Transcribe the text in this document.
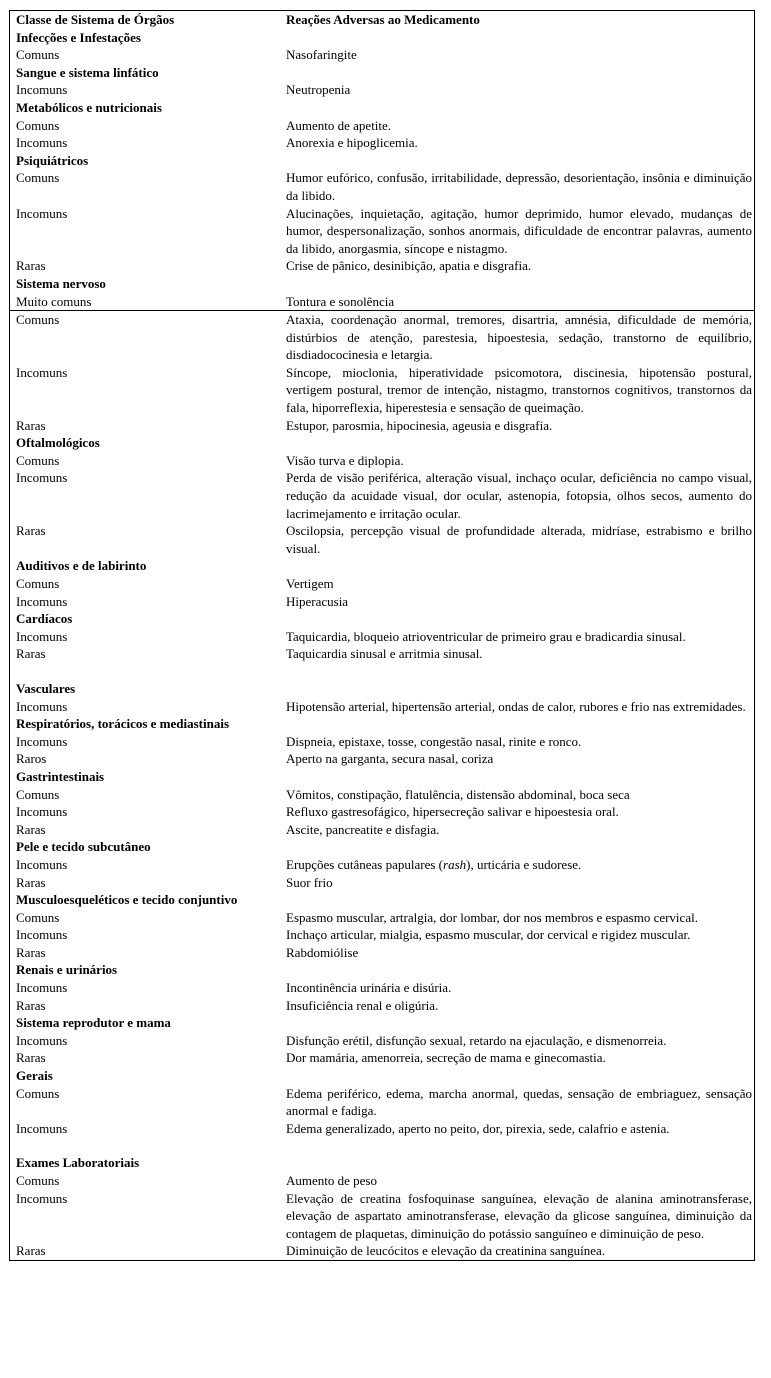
Classe de Sistema de Órgãos	Reações Adversas ao Medicamento
Infecções e Infestações
Comuns	Nasofaringite
Sangue e sistema linfático
Incomuns	Neutropenia
Metabólicos e nutricionais
Comuns	Aumento de apetite.
Incomuns	Anorexia e hipoglicemia.
Psiquiátricos
Comuns	Humor eufórico, confusão, irritabilidade, depressão, desorientação, insônia e diminuição da libido.
Incomuns	Alucinações, inquietação, agitação, humor deprimido, humor elevado, mudanças de humor, despersonalização, sonhos anormais, dificuldade de encontrar palavras, aumento da libido, anorgasmia, síncope e nistagmo.
Raras	Crise de pânico, desinibição, apatia e disgrafia.
Sistema nervoso
Muito comuns	Tontura e sonolência
Comuns	Ataxia, coordenação anormal, tremores, disartria, amnésia, dificuldade de memória, distúrbios de atenção, parestesia, hipoestesia, sedação, transtorno de equilíbrio, disdiadococinesia e letargia.
Incomuns	Síncope, mioclonia, hiperatividade psicomotora, discinesia, hipotensão postural, vertigem postural, tremor de intenção, nistagmo, transtornos cognitivos, transtornos da fala, hiporreflexia, hiperestesia e sensação de queimação.
Raras	Estupor, parosmia, hipocinesia, ageusia e disgrafia.
Oftalmológicos
Comuns	Visão turva e diplopia.
Incomuns	Perda de visão periférica, alteração visual, inchaço ocular, deficiência no campo visual, redução da acuidade visual, dor ocular, astenopia, fotopsia, olhos secos, aumento do lacrimejamento e irritação ocular.
Raras	Oscilopsia, percepção visual de profundidade alterada, midríase, estrabismo e brilho visual.
Auditivos e de labirinto
Comuns	Vertigem
Incomuns	Hiperacusia
Cardíacos
Incomuns	Taquicardia, bloqueio atrioventricular de primeiro grau e bradicardia sinusal.
Raras	Taquicardia sinusal e arritmia sinusal.
Vasculares
Incomuns	Hipotensão arterial, hipertensão arterial, ondas de calor, rubores e frio nas extremidades.
Respiratórios, torácicos e mediastinais
Incomuns	Dispneia, epistaxe, tosse, congestão nasal, rinite e ronco.
Raros	Aperto na garganta, secura nasal, coriza
Gastrintestinais
Comuns	Vômitos, constipação, flatulência, distensão abdominal, boca seca
Incomuns	Refluxo gastresofágico, hipersecreção salivar e hipoestesia oral.
Raras	Ascite, pancreatite e disfagia.
Pele e tecido subcutâneo
Incomuns	Erupções cutâneas papulares (rash), urticária e sudorese.
Raras	Suor frio
Musculoesqueléticos e tecido conjuntivo
Comuns	Espasmo muscular, artralgia, dor lombar, dor nos membros e espasmo cervical.
Incomuns	Inchaço articular, mialgia, espasmo muscular, dor cervical e rigidez muscular.
Raras	Rabdomiólise
Renais e urinários
Incomuns	Incontinência urinária e disúria.
Raras	Insuficiência renal e oligúria.
Sistema reprodutor e mama
Incomuns	Disfunção erétil, disfunção sexual, retardo na ejaculação, e dismenorreia.
Raras	Dor mamária, amenorreia, secreção de mama e ginecomastia.
Gerais
Comuns	Edema periférico, edema, marcha anormal, quedas, sensação de embriaguez, sensação anormal e fadiga.
Incomuns	Edema generalizado, aperto no peito, dor, pirexia, sede, calafrio e astenia.
Exames Laboratoriais
Comuns	Aumento de peso
Incomuns	Elevação de creatina fosfoquinase sanguínea, elevação de alanina aminotransferase, elevação de aspartato aminotransferase, elevação da glicose sanguínea, diminuição da contagem de plaquetas, diminuição do potássio sanguíneo e diminuição de peso.
Raras	Diminuição de leucócitos e elevação da creatinina sanguínea.
